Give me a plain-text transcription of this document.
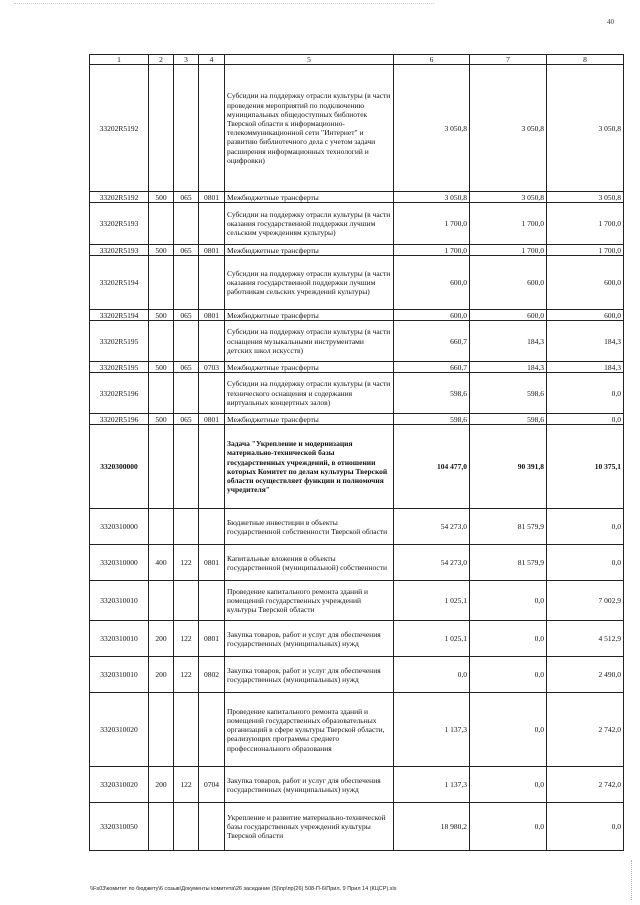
40
1	2	3	4	5	6	7	8
33202R5192				Субсидии на поддержку отрасли культуры (в части проведения мероприятий по подключению муниципальных общедоступных библиотек Тверской области к информационно-телекоммуникационной сети "Интернет" и развитию библиотечного дела с учетом задачи расширения информационных технологий и оцифровки)	3 050,8	3 050,8	3 050,8
33202R5192	500	065	0801	Межбюджетные трансферты	3 050,8	3 050,8	3 050,8
33202R5193				Субсидии на поддержку отрасли культуры (в части оказания государственной поддержки лучшим сельским учреждениям культуры)	1 700,0	1 700,0	1 700,0
33202R5193	500	065	0801	Межбюджетные трансферты	1 700,0	1 700,0	1 700,0
33202R5194				Субсидии на поддержку отрасли культуры (в части оказания государственной поддержки лучшим работникам сельских учреждений культуры)	600,0	600,0	600,0
33202R5194	500	065	0801	Межбюджетные трансферты	600,0	600,0	600,0
33202R5195				Субсидии на поддержку отрасли культуры (в части оснащения музыкальными инструментами детских школ искусств)	660,7	184,3	184,3
33202R5195	500	065	0703	Межбюджетные трансферты	660,7	184,3	184,3
33202R5196				Субсидии на поддержку отрасли культуры (в части технического оснащения и содержания виртуальных концертных залов)	598,6	598,6	0,0
33202R5196	500	065	0801	Межбюджетные трансферты	598,6	598,6	0,0
3320300000				Задача "Укрепление и модернизация материально-технической базы государственных учреждений, в отношении которых Комитет по делам культуры Тверской области осуществляет функции и полномочия учредителя"	104 477,0	90 391,8	10 375,1
3320310000				Бюджетные инвестиции в объекты государственной собственности Тверской области	54 273,0	81 579,9	0,0
3320310000	400	122	0801	Капитальные вложения в объекты государственной (муниципальной) собственности	54 273,0	81 579,9	0,0
3320310010				Проведение капитального ремонта зданий и помещений государственных учреждений культуры Тверской области	1 025,1	0,0	7 002,9
3320310010	200	122	0801	Закупка товаров, работ и услуг для обеспечения государственных (муниципальных) нужд	1 025,1	0,0	4 512,9
3320310010	200	122	0802	Закупка товаров, работ и услуг для обеспечения государственных (муниципальных) нужд	0,0	0,0	2 490,0
3320310020				Проведение капитального ремонта зданий и помещений государственных образовательных организаций в сфере культуры Тверской области, реализующих программы среднего профессионального образования	1 137,3	0,0	2 742,0
3320310020	200	122	0704	Закупка товаров, работ и услуг для обеспечения государственных (муниципальных) нужд	1 137,3	0,0	2 742,0
3320310050				Укрепление и развитие материально-технической базы государственных учреждений культуры Тверской области	18 980,2	0,0	0,0
\\Fs03\комитет по бюджету\6 созыв\Документы комитета\26 заседание (5)\пр\пр(26) 508-П-6\Прил. 9 Прил 14 (КЦСР).xls
